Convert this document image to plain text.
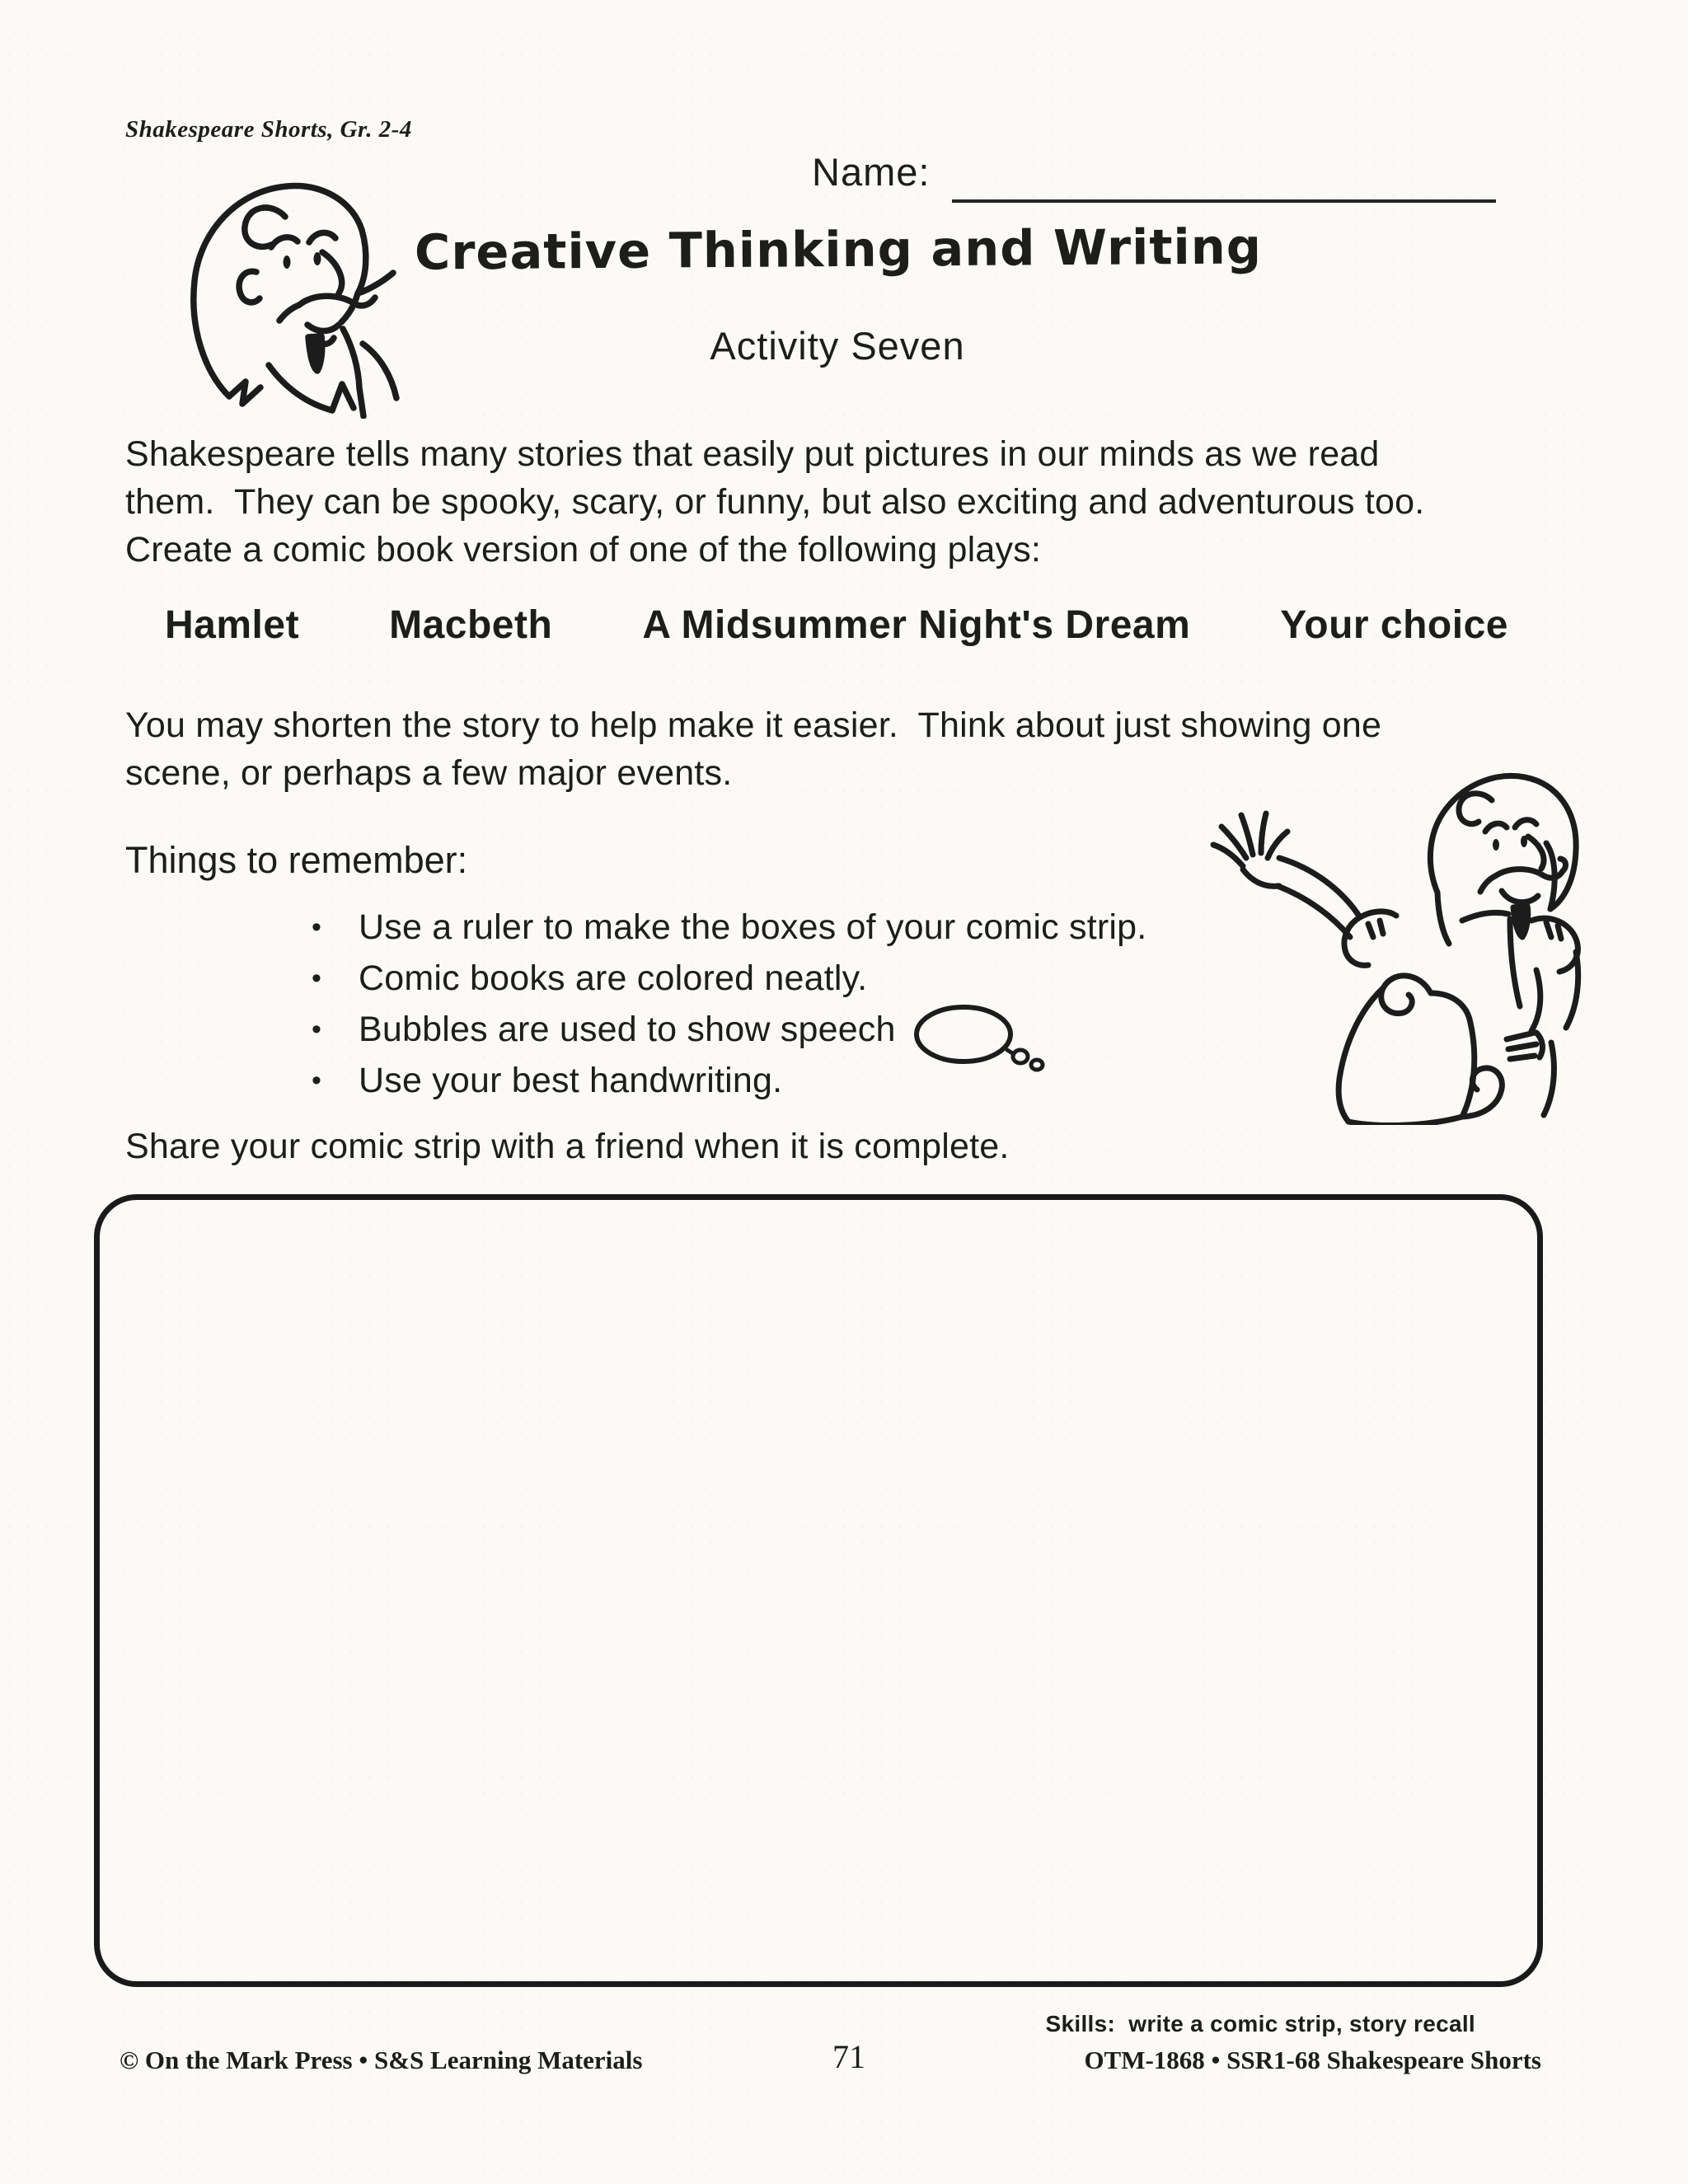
Shakespeare Shorts, Gr. 2-4
Name:
Creative Thinking and Writing
Activity Seven
Shakespeare tells many stories that easily put pictures in our minds as we read
them.  They can be spooky, scary, or funny, but also exciting and adventurous too.
Create a comic book version of one of the following plays:
Hamlet Macbeth A Midsummer Night's Dream Your choice
You may shorten the story to help make it easier.  Think about just showing one
scene, or perhaps a few major events.
Things to remember:
•
Use a ruler to make the boxes of your comic strip.
•
Comic books are colored neatly.
•
Bubbles are used to show speech
•
Use your best handwriting.
Share your comic strip with a friend when it is complete.
Skills:  write a comic strip, story recall
© On the Mark Press • S&S Learning Materials	71	OTM-1868 • SSR1-68 Shakespeare Shorts
